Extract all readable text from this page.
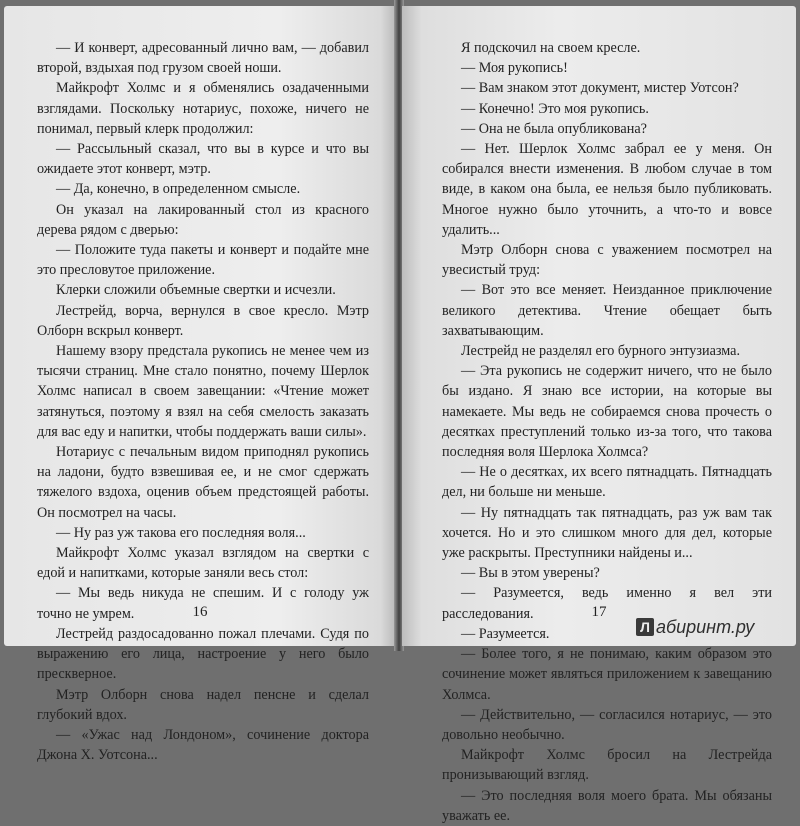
— И конверт, адресованный лично вам, — добавил второй, вздыхая под грузом своей ноши.

Майкрофт Холмс и я обменялись озадаченными взглядами. Поскольку нотариус, похоже, ничего не понимал, первый клерк продолжил:

— Рассыльный сказал, что вы в курсе и что вы ожидаете этот конверт, мэтр.

— Да, конечно, в определенном смысле.

Он указал на лакированный стол из красного дерева рядом с дверью:

— Положите туда пакеты и конверт и подайте мне это пресловутое приложение.

Клерки сложили объемные свертки и исчезли.

Лестрейд, ворча, вернулся в свое кресло. Мэтр Олборн вскрыл конверт.

Нашему взору предстала рукопись не менее чем из тысячи страниц. Мне стало понятно, почему Шерлок Холмс написал в своем завещании: «Чтение может затянуться, поэтому я взял на себя смелость заказать для вас еду и напитки, чтобы поддержать ваши силы».

Нотариус с печальным видом приподнял рукопись на ладони, будто взвешивая ее, и не смог сдержать тяжелого вздоха, оценив объем предстоящей работы. Он посмотрел на часы.

— Ну раз уж такова его последняя воля...

Майкрофт Холмс указал взглядом на свертки с едой и напитками, которые заняли весь стол:

— Мы ведь никуда не спешим. И с голоду уж точно не умрем.

Лестрейд раздосадованно пожал плечами. Судя по выражению его лица, настроение у него было прескверное.

Мэтр Олборн снова надел пенсне и сделал глубокий вдох.

— «Ужас над Лондоном», сочинение доктора Джона Х. Уотсона...

16

Я подскочил на своем кресле.

— Моя рукопись!

— Вам знаком этот документ, мистер Уотсон?

— Конечно! Это моя рукопись.

— Она не была опубликована?

— Нет. Шерлок Холмс забрал ее у меня. Он собирался внести изменения. В любом случае в том виде, в каком она была, ее нельзя было публиковать. Многое нужно было уточнить, а что-то и вовсе удалить...

Мэтр Олборн снова с уважением посмотрел на увесистый труд:

— Вот это все меняет. Неизданное приключение великого детектива. Чтение обещает быть захватывающим.

Лестрейд не разделял его бурного энтузиазма.

— Эта рукопись не содержит ничего, что не было бы издано. Я знаю все истории, на которые вы намекаете. Мы ведь не собираемся снова прочесть о десятках преступлений только из-за того, что такова последняя воля Шерлока Холмса?

— Не о десятках, их всего пятнадцать. Пятнадцать дел, ни больше ни меньше.

— Ну пятнадцать так пятнадцать, раз уж вам так хочется. Но и это слишком много для дел, которые уже раскрыты. Преступники найдены и...

— Вы в этом уверены?

— Разумеется, ведь именно я вел эти расследования.

— Разумеется.

— Более того, я не понимаю, каким образом это сочинение может являться приложением к завещанию Холмса.

— Действительно, — согласился нотариус, — это довольно необычно.

Майкрофт Холмс бросил на Лестрейда пронизывающий взгляд.

— Это последняя воля моего брата. Мы обязаны уважать ее.

17
Л абиринт.ру
